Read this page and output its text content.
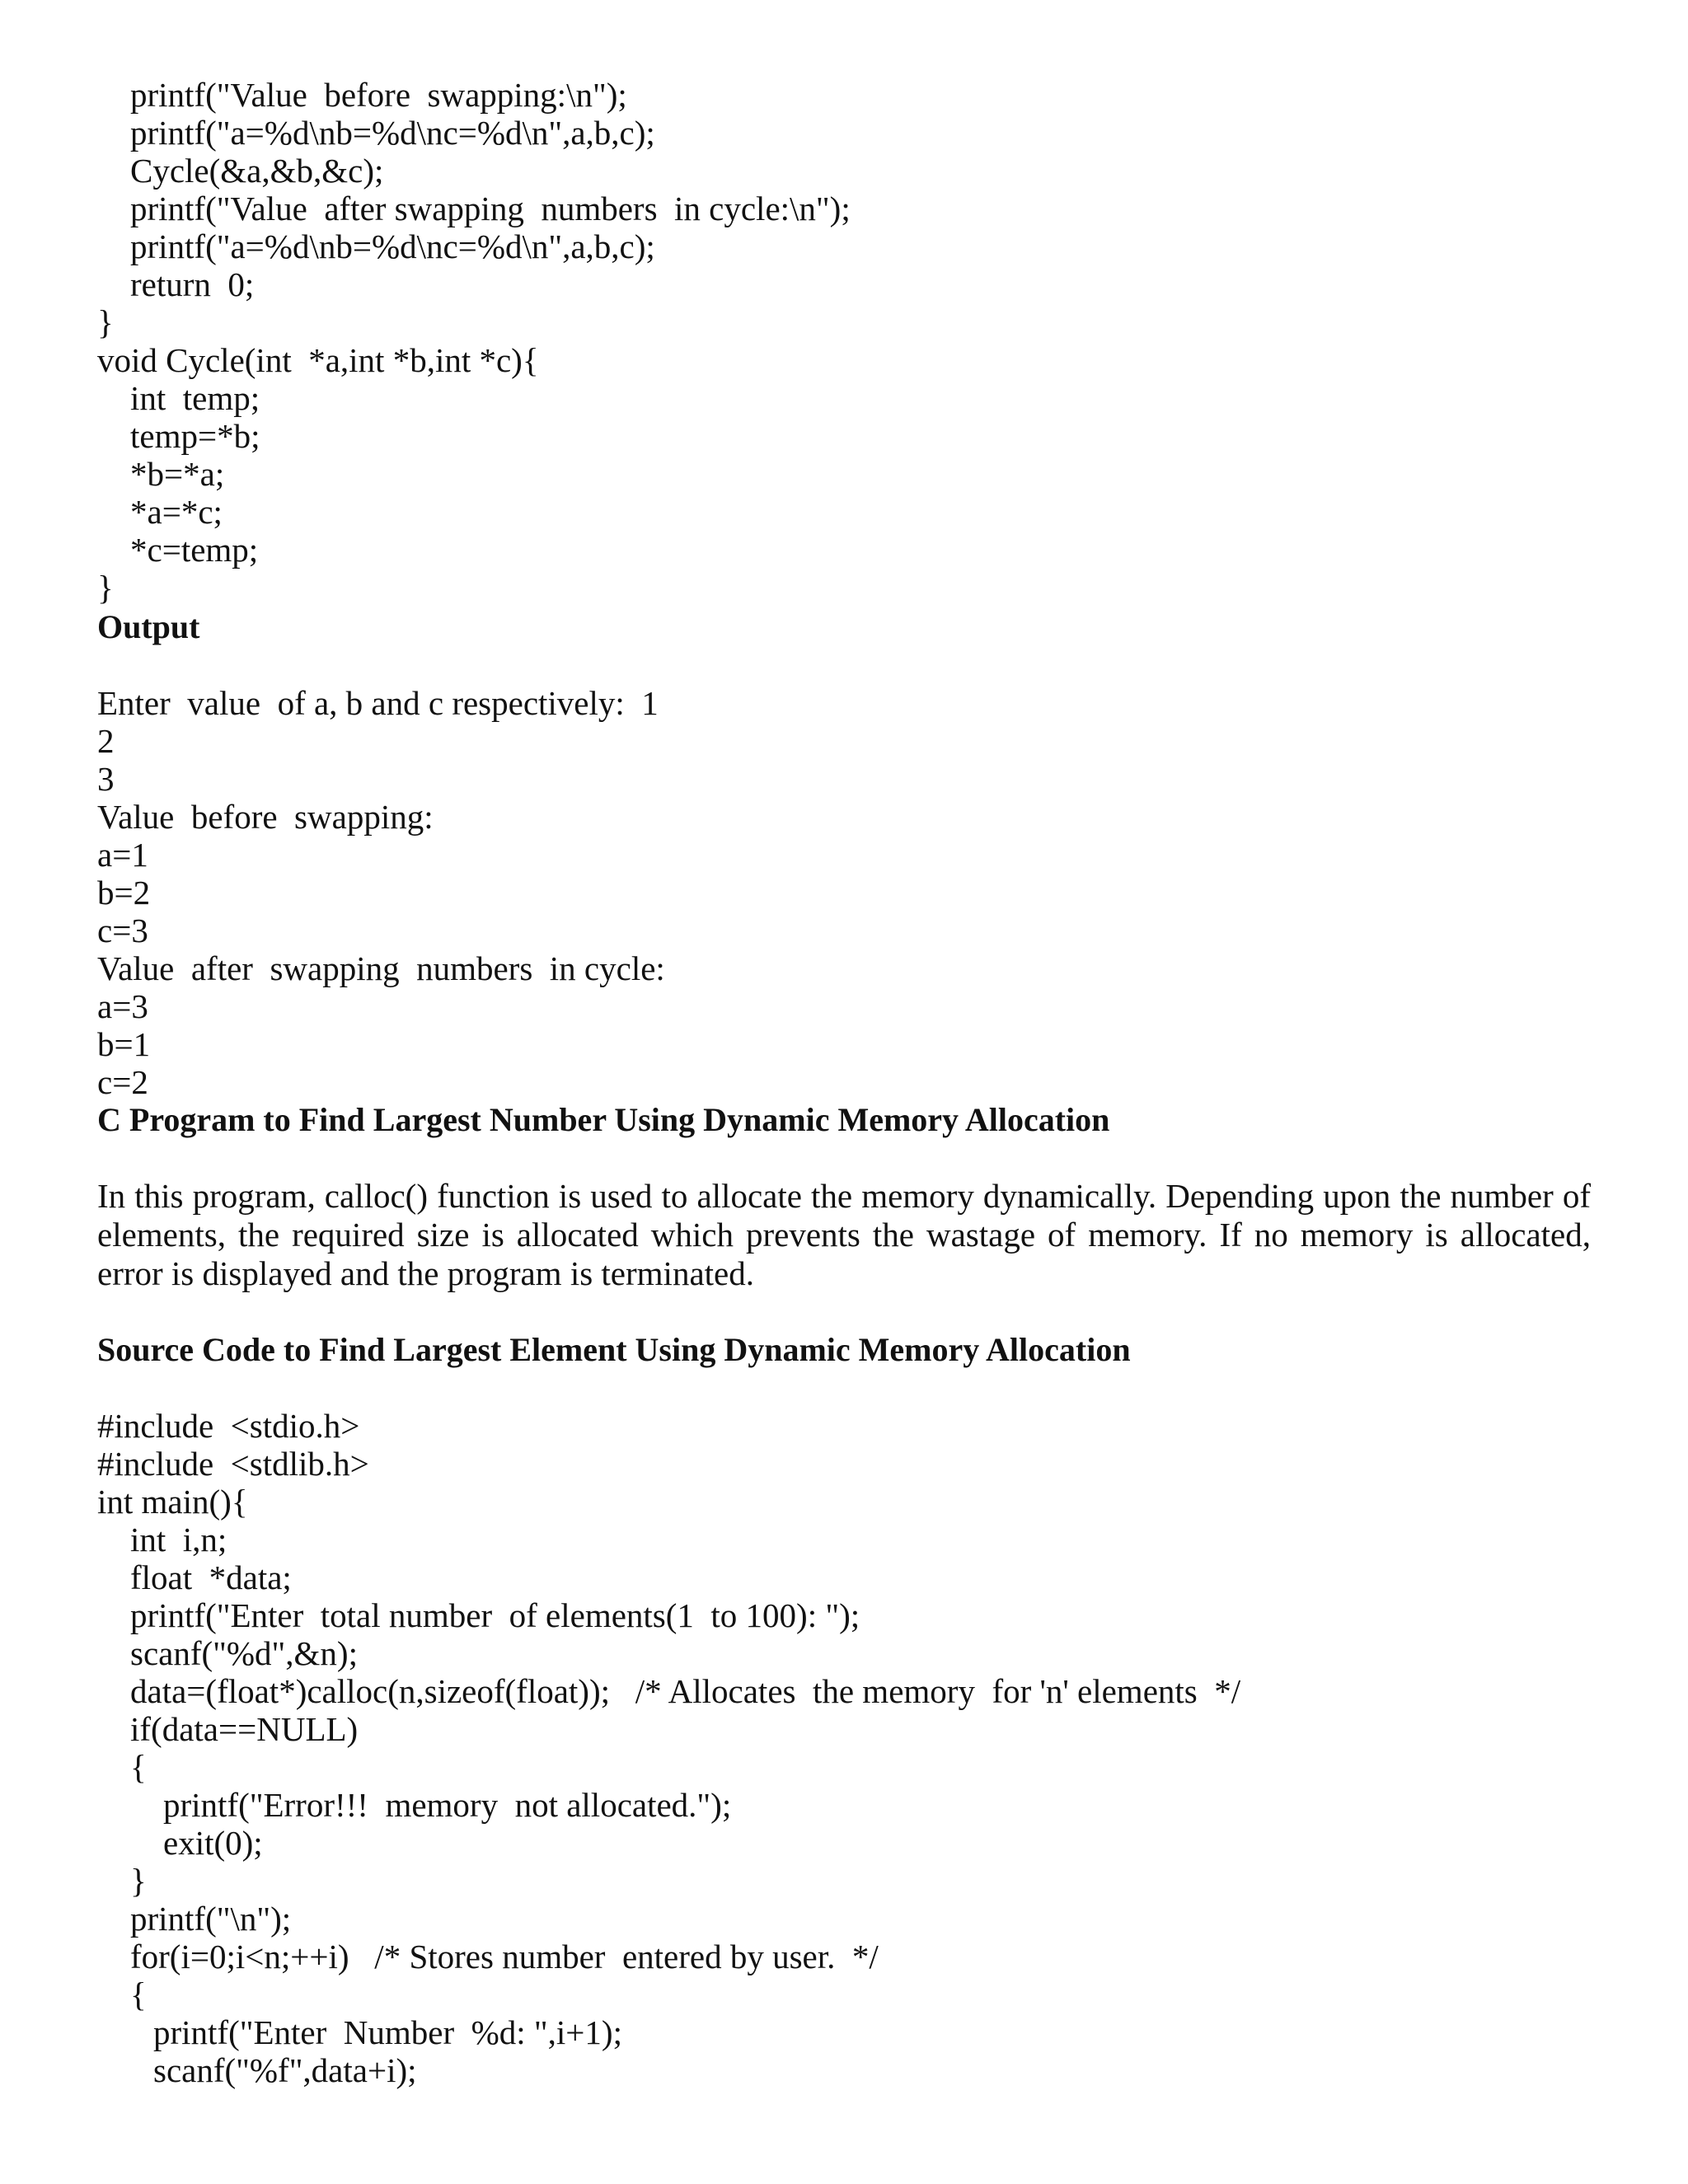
printf("Value  before  swapping:\n");
printf("a=%d\nb=%d\nc=%d\n",a,b,c);
Cycle(&a,&b,&c);
printf("Value  after swapping  numbers  in cycle:\n");
printf("a=%d\nb=%d\nc=%d\n",a,b,c);
return  0;
}
void Cycle(int  *a,int *b,int *c){
int  temp;
temp=*b;
*b=*a;
*a=*c;
*c=temp;
}
Output
Enter  value  of a, b and c respectively:  1
2
3
Value  before  swapping:
a=1
b=2
c=3
Value  after  swapping  numbers  in cycle:
a=3
b=1
c=2
C Program to Find Largest Number Using Dynamic Memory Allocation

In this program, calloc() function is used to allocate the memory dynamically. Depending upon the number of elements, the required size is allocated which prevents the wastage of memory. If no memory is allocated, error is displayed and the program is terminated.

Source Code to Find Largest Element Using Dynamic Memory Allocation
#include  <stdio.h>
#include  <stdlib.h>
int main(){
int  i,n;
float  *data;
printf("Enter  total number  of elements(1  to 100): ");
scanf("%d",&n);
data=(float*)calloc(n,sizeof(float));   /* Allocates  the memory  for 'n' elements  */
if(data==NULL)
{
printf("Error!!!  memory  not allocated.");
exit(0);
}
printf("\n");
for(i=0;i<n;++i)   /* Stores number  entered by user.  */
{
printf("Enter  Number  %d: ",i+1);
scanf("%f",data+i);
